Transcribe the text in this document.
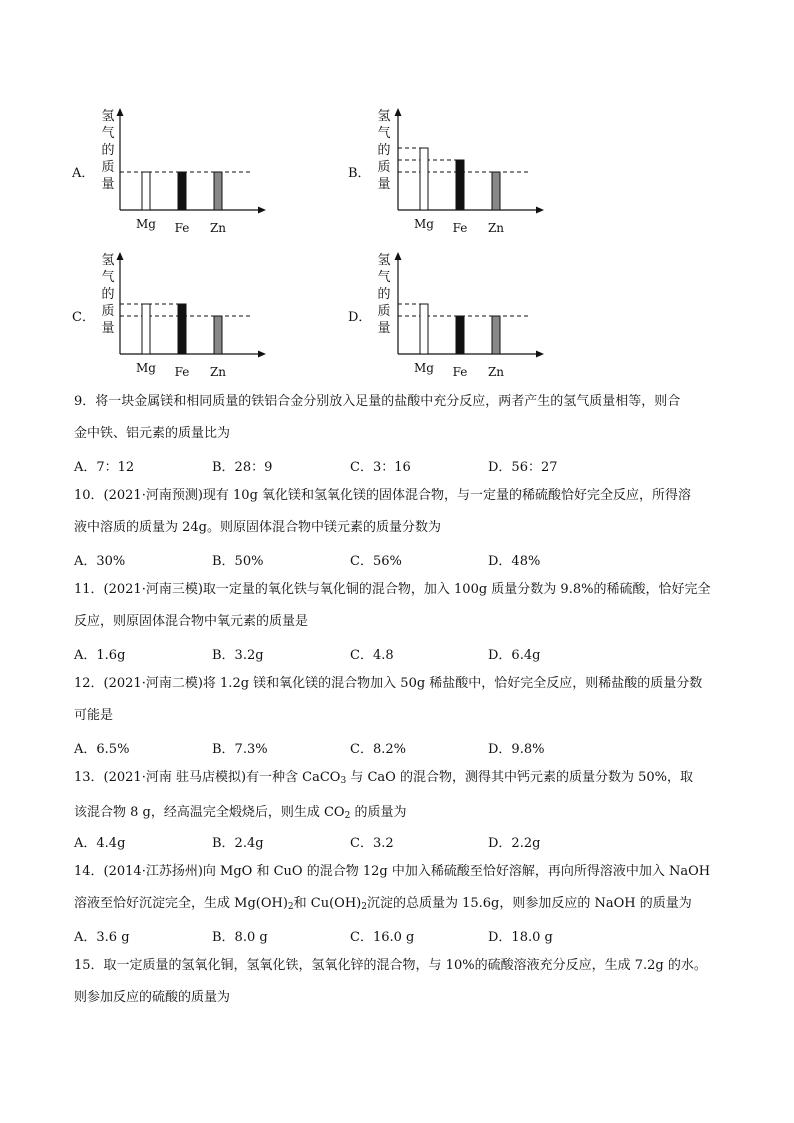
A．
氢
气
的
质
量
Mg Fe Zn
B．
氢
气
的
质
量
Mg Fe Zn
C．
氢
气
的
质
量
Mg Fe Zn
D．
氢
气
的
质
量
Mg Fe Zn
9．将一块金属镁和相同质量的铁铝合金分别放入足量的盐酸中充分反应，两者产生的氢气质量相等，则合
金中铁、铝元素的质量比为
A．7：12	B．28：9	C．3：16	D．56：27
10．(2021·河南预测)现有 10g 氧化镁和氢氧化镁的固体混合物，与一定量的稀硫酸恰好完全反应，所得溶
液中溶质的质量为 24g。则原固体混合物中镁元素的质量分数为
A．30%	B．50%	C．56%	D．48%
11．(2021·河南三模)取一定量的氧化铁与氧化铜的混合物，加入 100g 质量分数为 9.8%的稀硫酸，恰好完全
反应，则原固体混合物中氧元素的质量是
A．1.6g	B．3.2g	C．4.8	D．6.4g
12．(2021·河南二模)将 1.2g 镁和氧化镁的混合物加入 50g 稀盐酸中，恰好完全反应，则稀盐酸的质量分数
可能是
A．6.5%	B．7.3%	C．8.2%	D．9.8%
13．(2021·河南 驻马店模拟)有一种含 CaCO$_3$ 与 CaO 的混合物，测得其中钙元素的质量分数为 50%，取
该混合物 8 g，经高温完全煅烧后，则生成 $CO_2$ 的质量为
A．4.4g	B．2.4g	C．3.2	D．2.2g
14．(2014·江苏扬州)向 MgO 和 CuO 的混合物 12g 中加入稀硫酸至恰好溶解，再向所得溶液中加入 NaOH
溶液至恰好沉淀完全，生成 $Mg(OH)_2$和 $Cu(OH)_2$沉淀的总质量为 15.6g，则参加反应的 NaOH 的质量为
A．3.6 g	B．8.0 g	C．16.0 g	D．18.0 g
15．取一定质量的氢氧化铜，氢氧化铁，氢氧化锌的混合物，与 10%的硫酸溶液充分反应，生成 7.2g 的水。
则参加反应的硫酸的质量为
